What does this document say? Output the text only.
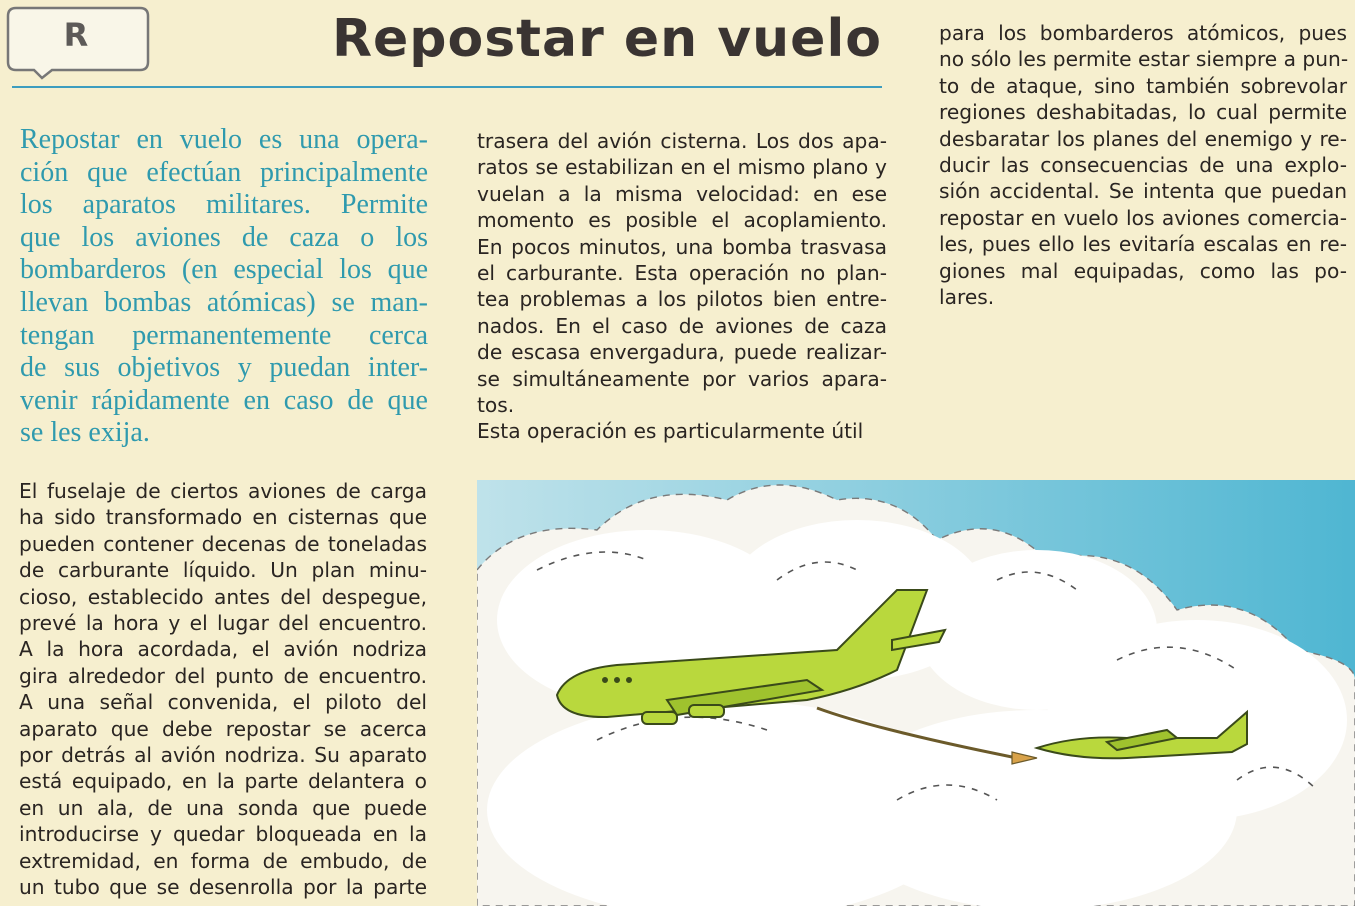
R	Repostar en vuelo
Repostar en vuelo es una opera-
ción que efectúan principalmente
los aparatos militares. Permite
que los aviones de caza o los
bombarderos (en especial los que
llevan bombas atómicas) se man-
tengan permanentemente cerca
de sus objetivos y puedan inter-
venir rápidamente en caso de que
se les exija.
El fuselaje de ciertos aviones de carga
ha sido transformado en cisternas que
pueden contener decenas de toneladas
de carburante líquido. Un plan minu-
cioso, establecido antes del despegue,
prevé la hora y el lugar del encuentro.
A la hora acordada, el avión nodriza
gira alrededor del punto de encuentro.
A una señal convenida, el piloto del
aparato que debe repostar se acerca
por detrás al avión nodriza. Su aparato
está equipado, en la parte delantera o
en un ala, de una sonda que puede
introducirse y quedar bloqueada en la
extremidad, en forma de embudo, de
un tubo que se desenrolla por la parte
trasera del avión cisterna. Los dos apa-
ratos se estabilizan en el mismo plano y
vuelan a la misma velocidad: en ese
momento es posible el acoplamiento.
En pocos minutos, una bomba trasvasa
el carburante. Esta operación no plan-
tea problemas a los pilotos bien entre-
nados. En el caso de aviones de caza
de escasa envergadura, puede realizar-
se simultáneamente por varios apara-
tos.
Esta operación es particularmente útil
para los bombarderos atómicos, pues
no sólo les permite estar siempre a pun-
to de ataque, sino también sobrevolar
regiones deshabitadas, lo cual permite
desbaratar los planes del enemigo y re-
ducir las consecuencias de una explo-
sión accidental. Se intenta que puedan
repostar en vuelo los aviones comercia-
les, pues ello les evitaría escalas en re-
giones mal equipadas, como las po-
lares.
